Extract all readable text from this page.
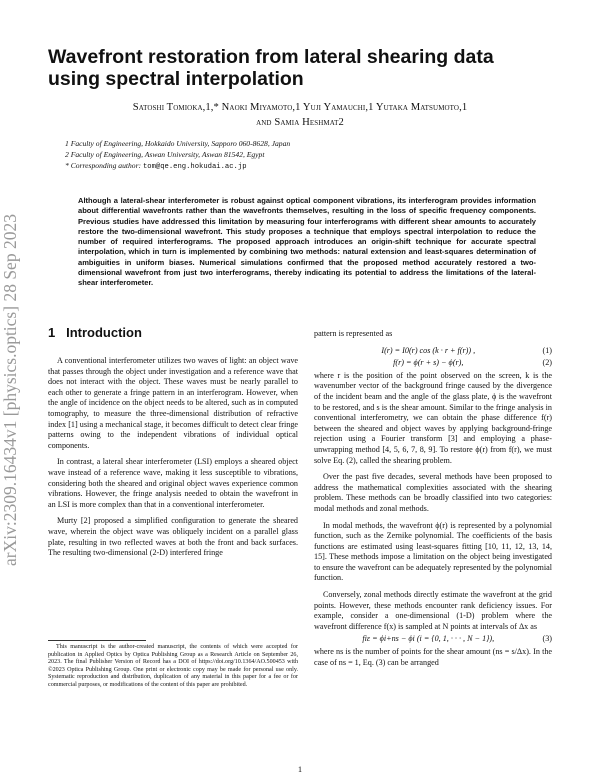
arXiv:2309.16434v1 [physics.optics] 28 Sep 2023
Wavefront restoration from lateral shearing data using spectral interpolation
Satoshi Tomioka,1,* Naoki Miyamoto,1 Yuji Yamauchi,1 Yutaka Matsumoto,1
and Samia Heshmat2
1 Faculty of Engineering, Hokkaido University, Sapporo 060-8628, Japan
2 Faculty of Engineering, Aswan University, Aswan 81542, Egypt
* Corresponding author: tom@qe.eng.hokudai.ac.jp
Although a lateral-shear interferometer is robust against optical component vibrations, its interferogram provides information about differential wavefronts rather than the wavefronts themselves, resulting in the loss of specific frequency components. Previous studies have addressed this limitation by measuring four interferograms with different shear amounts to accurately restore the two-dimensional wavefront. This study proposes a technique that employs spectral interpolation to reduce the number of required interferograms. The proposed approach introduces an origin-shift technique for accurate spectral interpolation, which in turn is implemented by combining two methods: natural extension and least-squares determination of ambiguities in uniform biases. Numerical simulations confirmed that the proposed method accurately restored a two-dimensional wavefront from just two interferograms, thereby indicating its potential to address the limitations of the lateral-shear interferometer.
1 Introduction

A conventional interferometer utilizes two waves of light: an object wave that passes through the object under investigation and a reference wave that does not interact with the object. These waves must be nearly parallel to each other to generate a fringe pattern in an interferogram. However, when the angle of incidence on the object needs to be altered, such as in computed tomography, to measure the three-dimensional distribution of refractive index [1] using a mechanical stage, it becomes difficult to detect clear fringe patterns owing to the independent vibrations of individual optical components.

In contrast, a lateral shear interferometer (LSI) employs a sheared object wave instead of a reference wave, making it less susceptible to vibrations, considering both the sheared and original object waves experience common vibrations. However, the fringe analysis needed to obtain the wavefront in an LSI is more complex than that in a conventional interferometer.

Murty [2] proposed a simplified configuration to generate the sheared wave, wherein the object wave was obliquely incident on a parallel glass plate, resulting in two reflected waves at both the front and back surfaces. The resulting two-dimensional (2-D) interfered fringe

pattern is represented as

I(r) = I0(r) cos (k · r + f(r)) ,	(1)
f(r) = ϕ(r + s) − ϕ(r),	(2)

where r is the position of the point observed on the screen, k is the wavenumber vector of the background fringe caused by the divergence of the incident beam and the angle of the glass plate, ϕ is the wavefront to be restored, and s is the shear amount. Similar to the fringe analysis in conventional interferometry, we can obtain the phase difference f(r) between the sheared and object waves by applying background-fringe rejection using a Fourier transform [3] and employing a phase-unwrapping method [4, 5, 6, 7, 8, 9]. To restore ϕ(r) from f(r), we must solve Eq. (2), called the shearing problem.

Over the past five decades, several methods have been proposed to address the mathematical complexities associated with the shearing problem. These methods can be broadly classified into two categories: modal methods and zonal methods.

In modal methods, the wavefront ϕ(r) is represented by a polynomial function, such as the Zernike polynomial. The coefficients of the basis functions are estimated using least-squares fitting [10, 11, 12, 13, 14, 15]. These methods impose a limitation on the object being investigated to ensure the wavefront can be adequately represented by the polynomial function.

Conversely, zonal methods directly estimate the wavefront at the grid points. However, these methods encounter rank deficiency issues. For example, consider a one-dimensional (1-D) problem where the wavefront difference f(x) is sampled at N points at intervals of Δx as

fiε = ϕi+ns − ϕi (i = {0, 1, · · · , N − 1}),	(3)

where ns is the number of points for the shear amount (ns = s/Δx). In the case of ns = 1, Eq. (3) can be arranged

This manuscript is the author-created manuscript, the contents of which were accepted for publication in Applied Optics by Optica Publishing Group as a Research Article on September 26, 2023. The final Publisher Version of Record has a DOI of https://doi.org/10.1364/AO.500453 with ©2023 Optica Publishing Group. One print or electronic copy may be made for personal use only. Systematic reproduction and distribution, duplication of any material in this paper for a fee or for commercial purposes, or modifications of the content of this paper are prohibited.

1
